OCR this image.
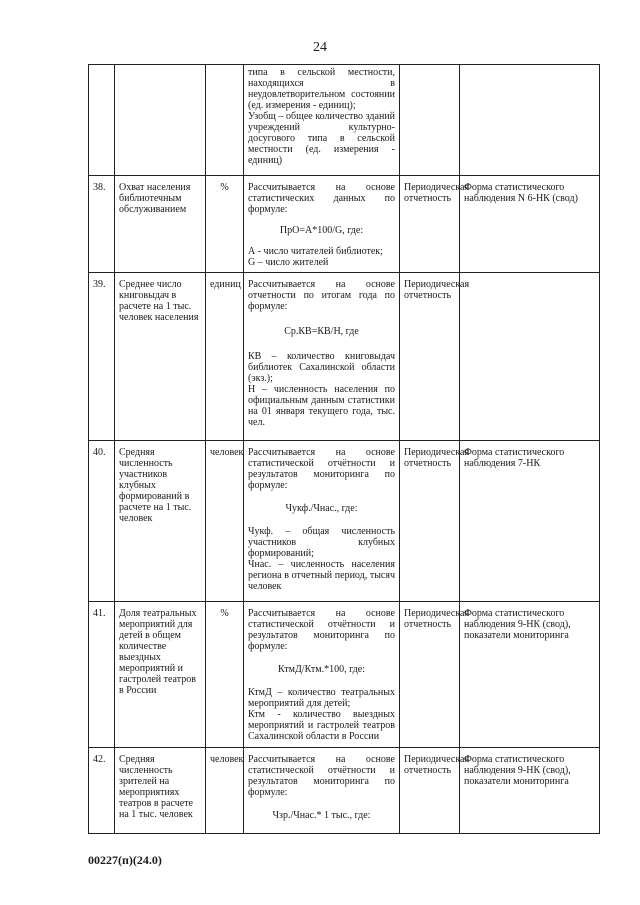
24

			типа в сельской местности, находящихся в неудовлетворительном состоянии (ед. измерения - единиц);
Узобщ – общее количество зданий учреждений культурно-досугового типа в сельской местности (ед. измерения - единиц)		

38.	Охват населения библиотечным обслуживанием	%	Рассчитывается на основе статистических данных по формуле:
ПрО=А*100/G, где:
А - число читателей библиотек;
G – число жителей	Периодическая отчетность	Форма статистического наблюдения N 6-НК (свод)
39.	Среднее число книговыдач в расчете на 1 тыс. человек населения	единиц	Рассчитывается на основе отчетности по итогам года по формуле:
Ср.КВ=КВ/Н, где
КВ – количество книговыдач библиотек Сахалинской области (экз.);
Н – численность населения по официальным данным статистики на 01 января текущего года, тыс. чел.	Периодическая отчетность	
40.	Средняя численность участников клубных формирований в расчете на 1 тыс. человек	человек	Рассчитывается на основе статистической отчётности и результатов мониторинга по формуле:
Чукф./Чнас., где:
Чукф. – общая численность участников клубных формирований;
Чнас. – численность населения региона в отчетный период, тысяч человек	Периодическая отчетность	Форма статистического наблюдения 7-НК
41.	Доля театральных мероприятий для детей в общем количестве выездных мероприятий и гастролей театров в России	%	Рассчитывается на основе статистической отчётности и результатов мониторинга по формуле:
КтмД/Ктм.*100, где:
КтмД – количество театральных мероприятий для детей;
Ктм - количество выездных мероприятий и гастролей театров Сахалинской области в России	Периодическая отчетность	Форма статистического наблюдения 9-НК (свод), показатели мониторинга
42.	Средняя численность зрителей на мероприятиях театров в расчете на 1 тыс. человек	человек	Рассчитывается на основе статистической отчётности и результатов мониторинга по формуле:
Чзр./Чнас.* 1 тыс., где:	Периодическая отчетность	Форма статистического наблюдения 9-НК (свод), показатели мониторинга
00227(п)(24.0)
